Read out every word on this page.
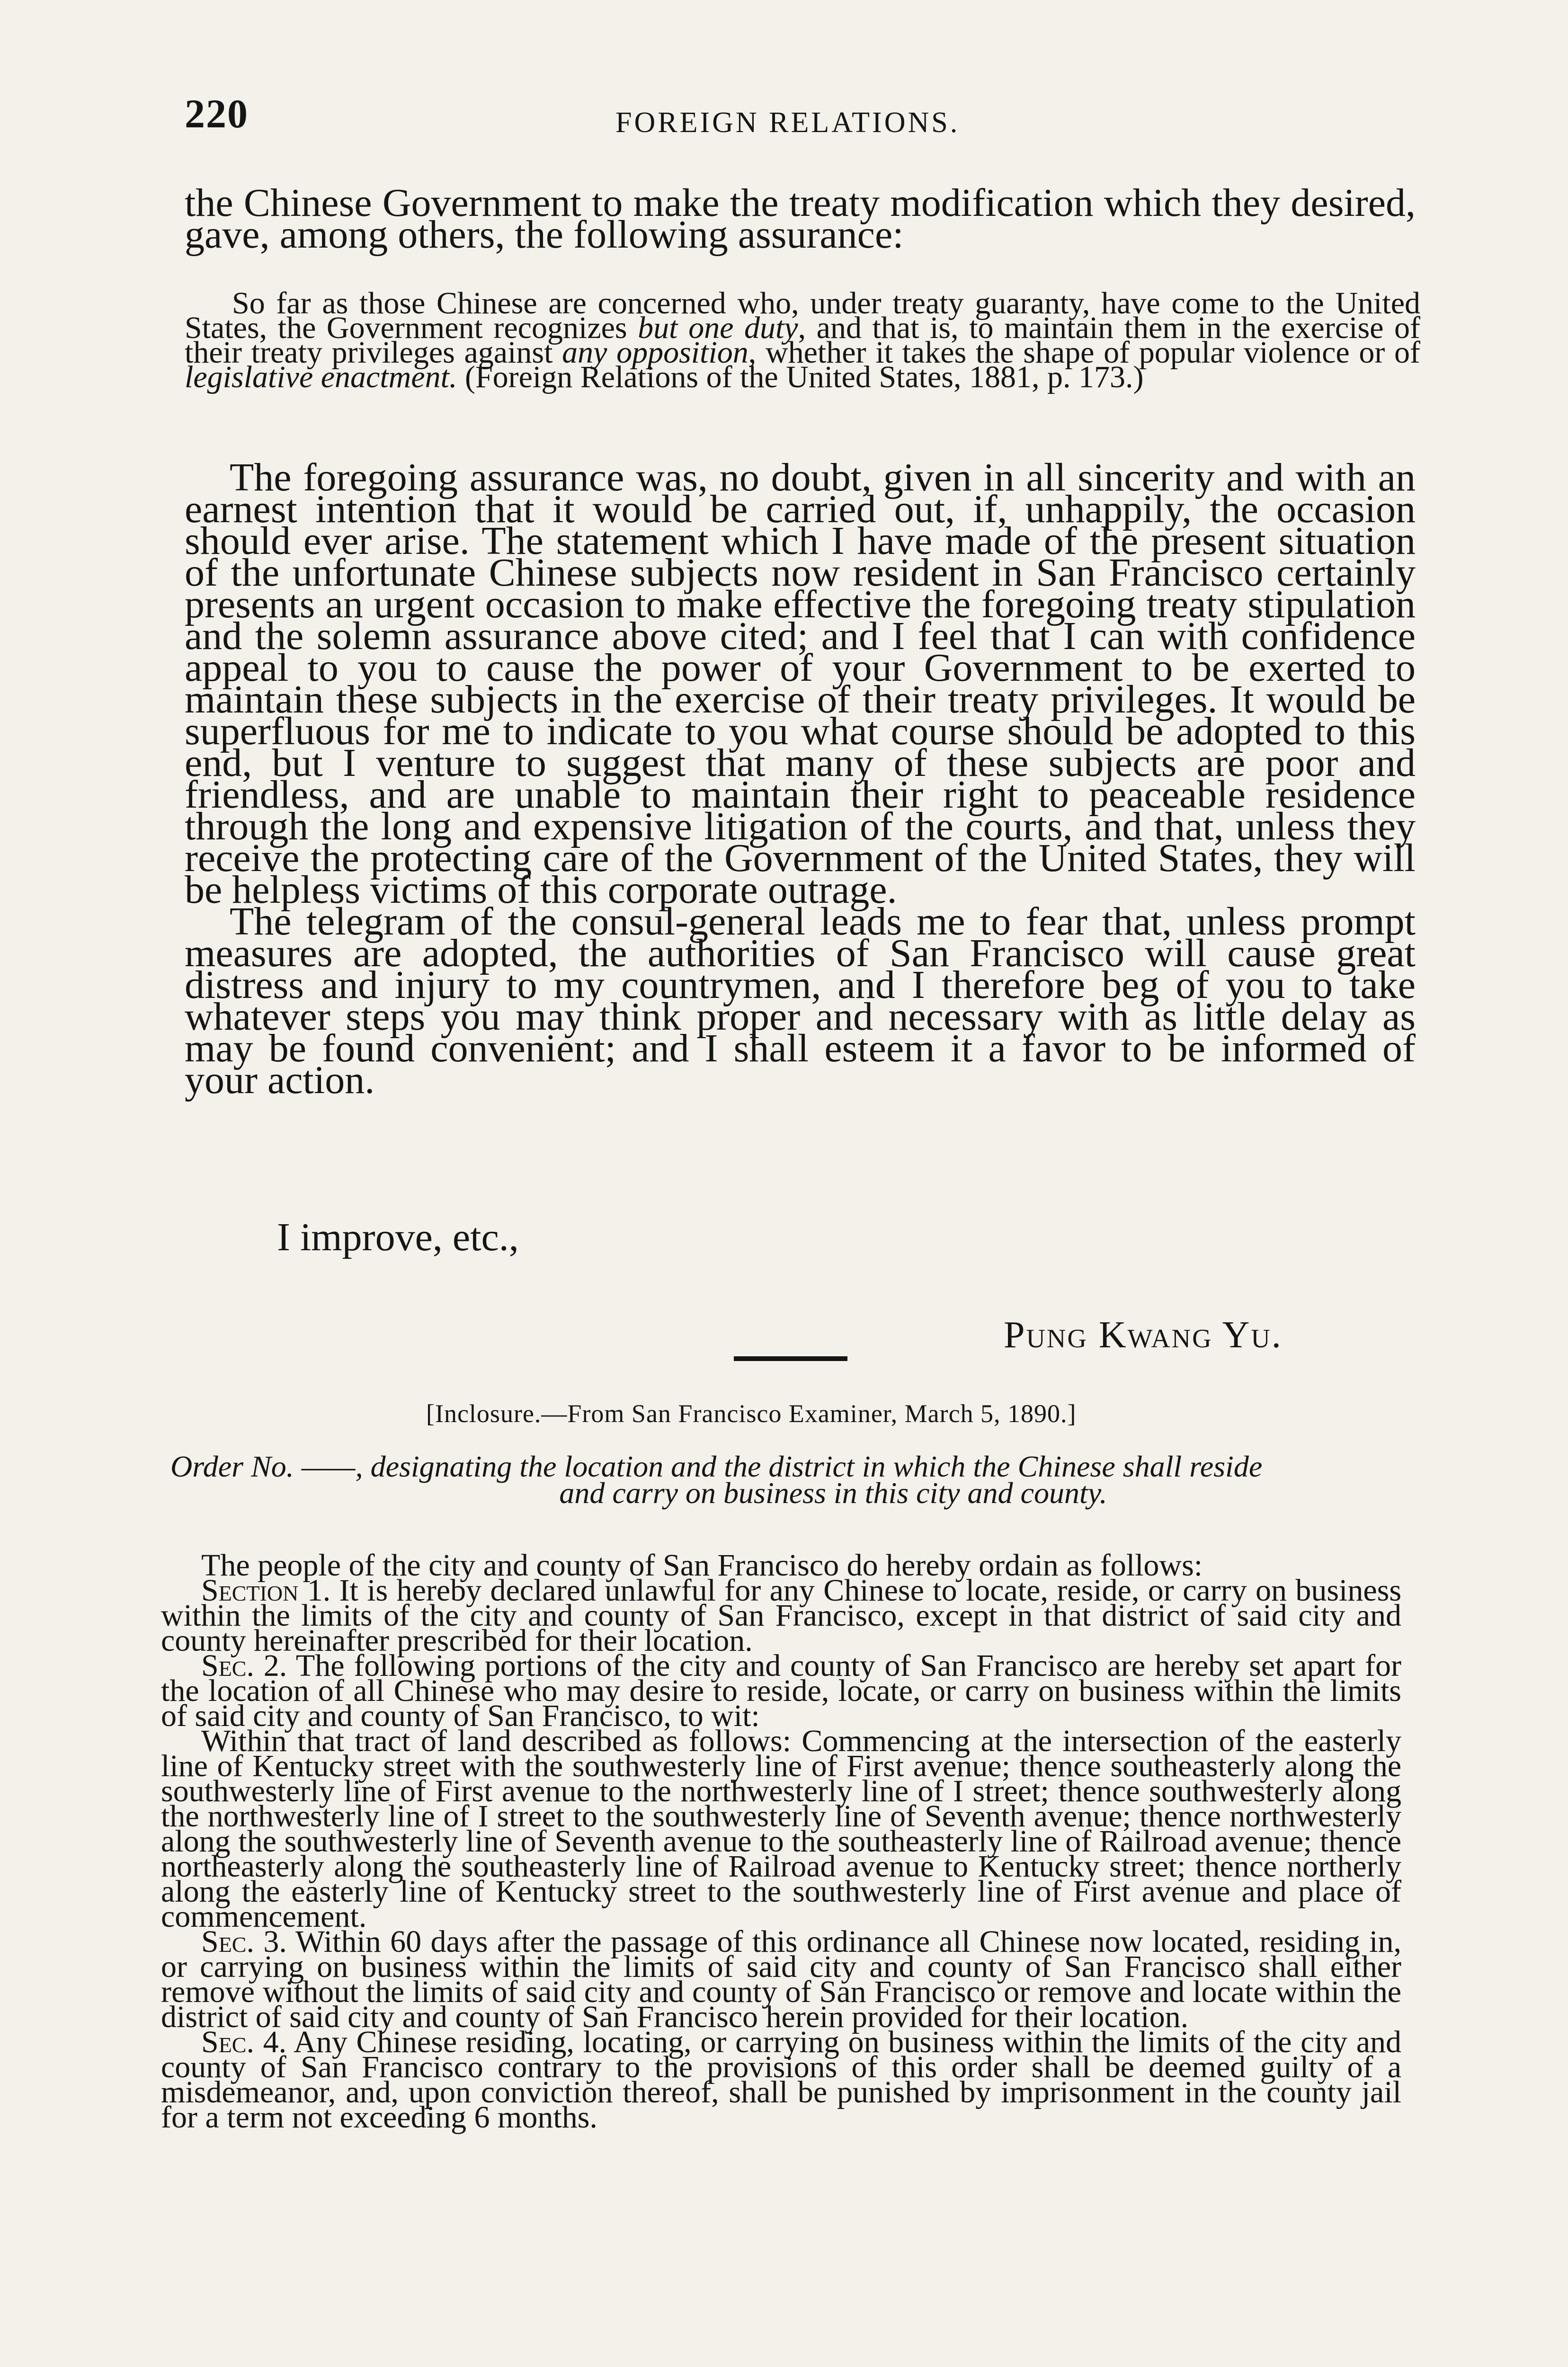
220	FOREIGN RELATIONS.

the Chinese Government to make the treaty modification which they desired, gave, among others, the following assurance:

So far as those Chinese are concerned who, under treaty guaranty, have come to the United States, the Government recognizes but one duty, and that is, to maintain them in the exercise of their treaty privileges against any opposition, whether it takes the shape of popular violence or of legislative enactment. (Foreign Relations of the United States, 1881, p. 173.)

The foregoing assurance was, no doubt, given in all sincerity and with an earnest intention that it would be carried out, if, unhappily, the occasion should ever arise. The statement which I have made of the present situation of the unfortunate Chinese subjects now resident in San Francisco certainly presents an urgent occasion to make effective the foregoing treaty stipulation and the solemn assurance above cited; and I feel that I can with confidence appeal to you to cause the power of your Government to be exerted to maintain these subjects in the exercise of their treaty privileges. It would be superfluous for me to indicate to you what course should be adopted to this end, but I venture to suggest that many of these subjects are poor and friendless, and are unable to maintain their right to peaceable residence through the long and expensive litigation of the courts, and that, unless they receive the protecting care of the Government of the United States, they will be helpless victims of this corporate outrage.

The telegram of the consul-general leads me to fear that, unless prompt measures are adopted, the authorities of San Francisco will cause great distress and injury to my countrymen, and I therefore beg of you to take whatever steps you may think proper and necessary with as little delay as may be found convenient; and I shall esteem it a favor to be informed of your action.

I improve, etc.,
Pung Kwang Yu.
[Inclosure.—From San Francisco Examiner, March 5, 1890.]

Order No. ——, designating the location and the district in which the Chinese shall reside
and carry on business in this city and county.

The people of the city and county of San Francisco do hereby ordain as follows:

Section 1. It is hereby declared unlawful for any Chinese to locate, reside, or carry on business within the limits of the city and county of San Francisco, except in that district of said city and county hereinafter prescribed for their location.

Sec. 2. The following portions of the city and county of San Francisco are hereby set apart for the location of all Chinese who may desire to reside, locate, or carry on business within the limits of said city and county of San Francisco, to wit:

Within that tract of land described as follows: Commencing at the intersection of the easterly line of Kentucky street with the southwesterly line of First avenue; thence southeasterly along the southwesterly line of First avenue to the northwesterly line of I street; thence southwesterly along the northwesterly line of I street to the southwesterly line of Seventh avenue; thence northwesterly along the southwesterly line of Seventh avenue to the southeasterly line of Railroad avenue; thence northeasterly along the southeasterly line of Railroad avenue to Kentucky street; thence northerly along the easterly line of Kentucky street to the southwesterly line of First avenue and place of commencement.

Sec. 3. Within 60 days after the passage of this ordinance all Chinese now located, residing in, or carrying on business within the limits of said city and county of San Francisco shall either remove without the limits of said city and county of San Francisco or remove and locate within the district of said city and county of San Francisco herein provided for their location.

Sec. 4. Any Chinese residing, locating, or carrying on business within the limits of the city and county of San Francisco contrary to the provisions of this order shall be deemed guilty of a misdemeanor, and, upon conviction thereof, shall be punished by imprisonment in the county jail for a term not exceeding 6 months.
